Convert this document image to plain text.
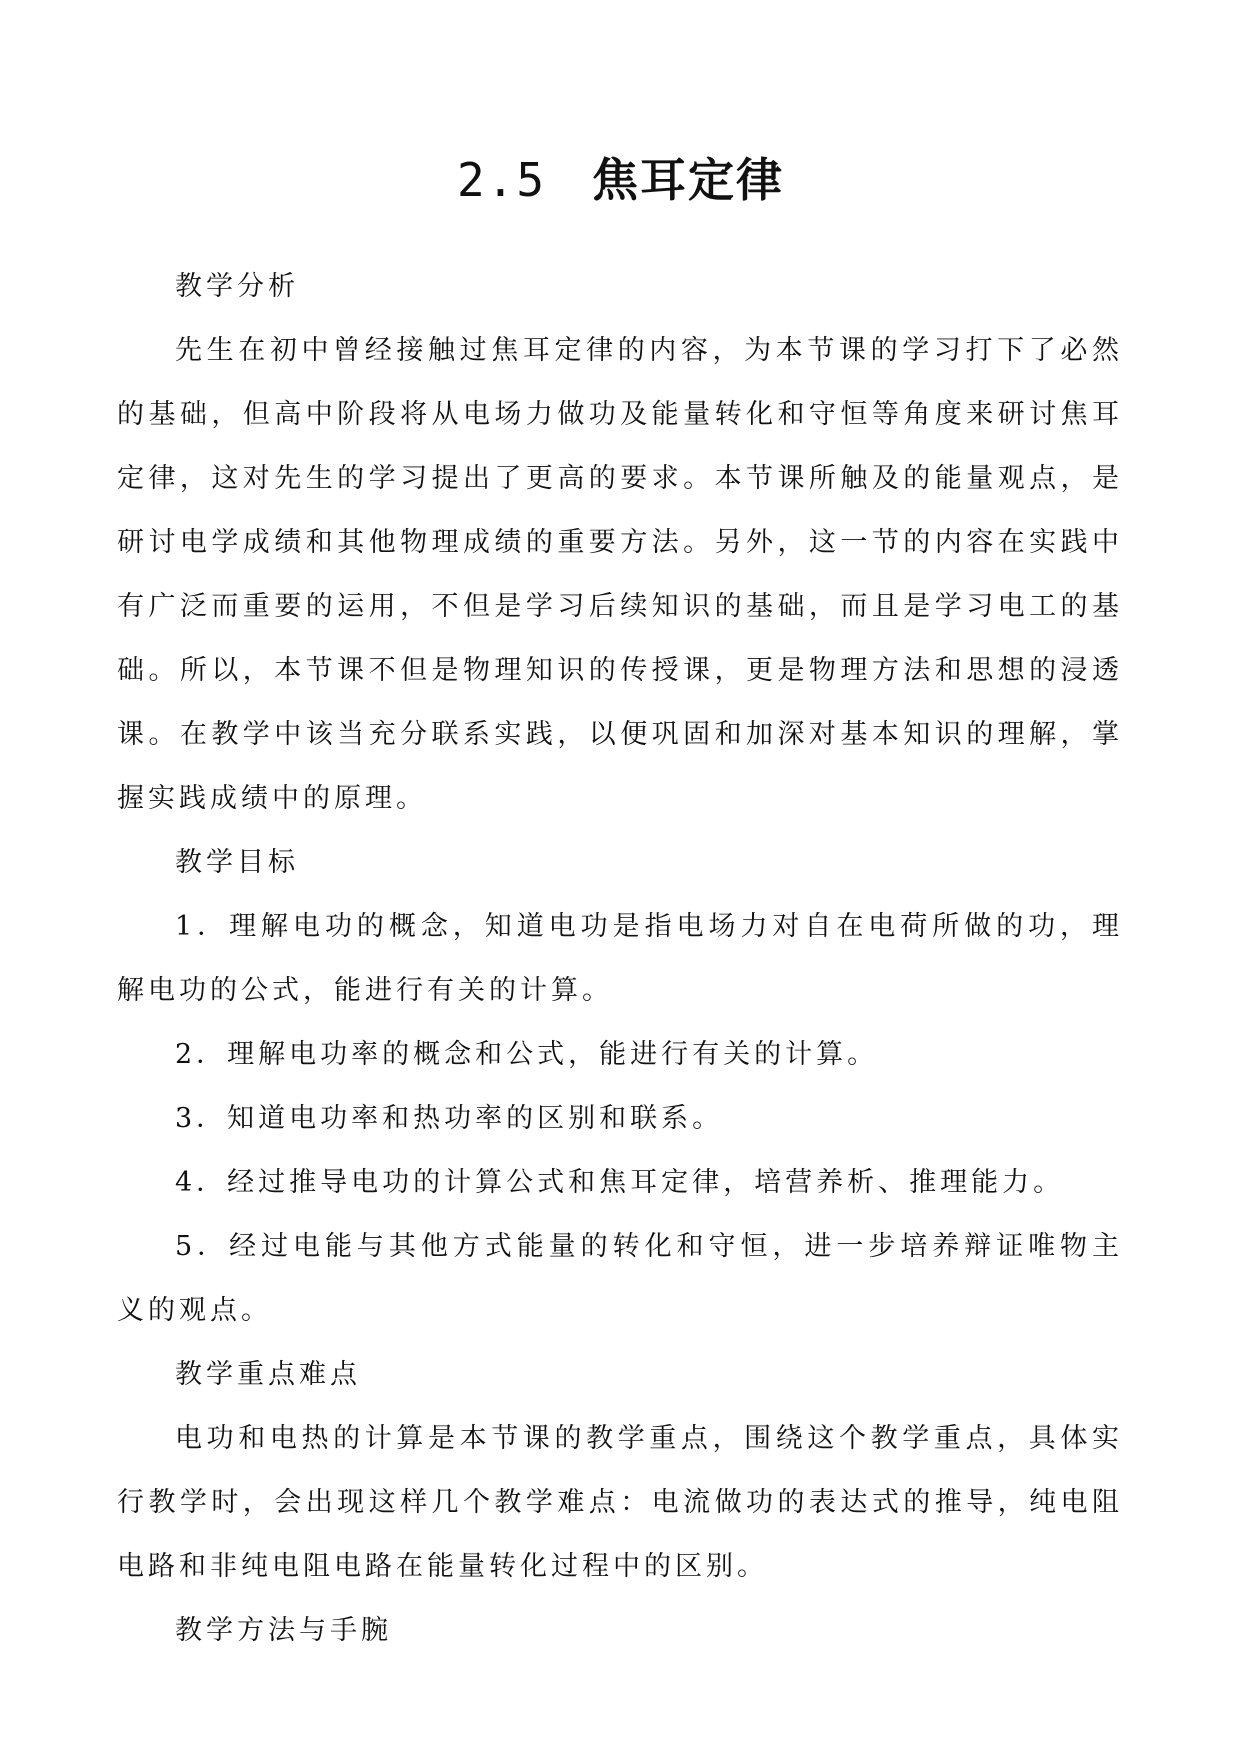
2.5 焦耳定律

教学分析

先生在初中曾经接触过焦耳定律的内容，为本节课的学习打下了必然的基础，但高中阶段将从电场力做功及能量转化和守恒等角度来研讨焦耳定律，这对先生的学习提出了更高的要求。本节课所触及的能量观点，是研讨电学成绩和其他物理成绩的重要方法。另外，这一节的内容在实践中有广泛而重要的运用，不但是学习后续知识的基础，而且是学习电工的基础。所以，本节课不但是物理知识的传授课，更是物理方法和思想的浸透课。在教学中该当充分联系实践，以便巩固和加深对基本知识的理解，掌握实践成绩中的原理。

教学目标

1．理解电功的概念，知道电功是指电场力对自在电荷所做的功，理解电功的公式，能进行有关的计算。

2．理解电功率的概念和公式，能进行有关的计算。

3．知道电功率和热功率的区别和联系。

4．经过推导电功的计算公式和焦耳定律，培营养析、推理能力。

5．经过电能与其他方式能量的转化和守恒，进一步培养辩证唯物主义的观点。

教学重点难点

电功和电热的计算是本节课的教学重点，围绕这个教学重点，具体实行教学时，会出现这样几个教学难点：电流做功的表达式的推导，纯电阻电路和非纯电阻电路在能量转化过程中的区别。

教学方法与手腕
